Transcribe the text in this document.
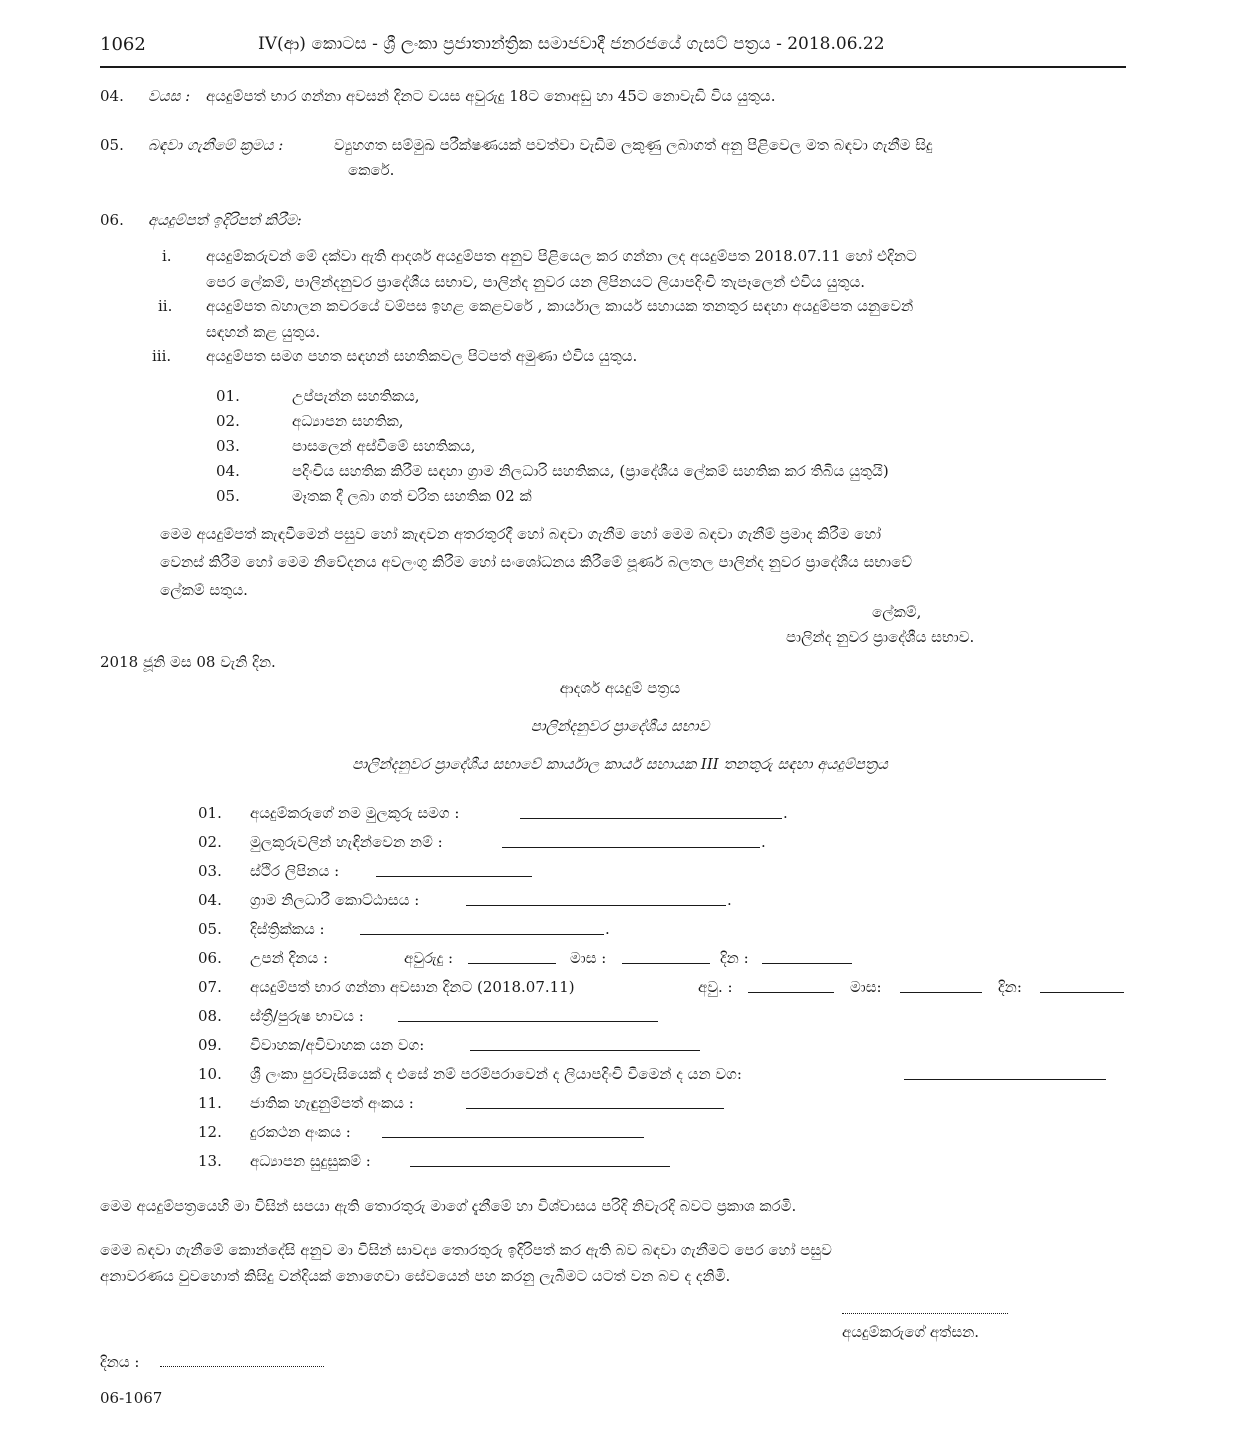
1062	IV(ආ) කොටස - ශ්‍රී ලංකා ප්‍රජාතාන්ත්‍රික සමාජවාදී ජනරජයේ ගැසට් පත්‍රය - 2018.06.22
04. වයස : අයදුම්පත් භාර ගන්නා අවසන් දිනට වයස අවුරුදු 18ට නොඅඩු හා 45ට නොවැඩි විය යුතුය.
05. බඳවා ගැනීමේ ක්‍රමය :	ව්‍යුහගත සම්මුඛ පරීක්ෂණයක් පවත්වා වැඩිම ලකුණු ලබාගත් අනු පිළිවෙල මත බඳවා ගැනීම සිදු
කෙරේ.
06. අයදුම්පත් ඉදිරිපත් කිරීම:
i. අයදුම්කරුවන් මේ දක්වා ඇති ආදර්ශ අයදුම්පත අනුව පිළියෙල කර ගන්නා ලද අයදුම්පත 2018.07.11 හෝ එදිනට
පෙර ලේකම්, පාලින්දනුවර ප්‍රාදේශීය සභාව, පාලින්ද නුවර යන ලිපිනයට ලියාපදිංචි තැපෑලෙන් එවිය යුතුය.
ii. අයදුම්පත බහාලන කවරයේ වම්පස ඉහළ කෙළවරේ , කාර්යාල කාර්ය සහායක තනතුර සඳහා අයදුම්පත යනුවෙන්
සඳහන් කළ යුතුය.
iii. අයදුම්පත සමග පහත සඳහන් සහතිකවල පිටපත් අමුණා එවිය යුතුය.
01.	උප්පැන්න සහතිකය,
02.	අධ්‍යාපන සහතික,
03.	පාසලෙන් අස්වීමේ සහතිකය,
04.	පදිංචිය සහතික කිරීම සඳහා ග්‍රාම නිලධාරි සහතිකය, (ප්‍රාදේශීය ලේකම් සහතික කර තිබිය යුතුයි)
05.	මෑතක දී ලබා ගත් චරිත සහතික 02 ක්
මෙම අයදුම්පත් කැඳවීමෙන් පසුව හෝ කැඳවන අතරතුරදී හෝ බඳවා ගැනීම හෝ මෙම බඳවා ගැනීම් ප්‍රමාද කිරීම හෝ
වෙනස් කිරීම හෝ මෙම නිවේදනය අවලංගු කිරීම හෝ සංශෝධනය කිරීමේ පූර්ණ බලතල පාලින්ද නුවර ප්‍රාදේශීය සභාවේ
ලේකම් සතුය.
ලේකම්,
පාලින්ද නුවර ප්‍රාදේශීය සභාව.
2018 ජූනි මස 08 වැනි දින.
ආදර්ශ අයදුම් පත්‍රය
පාලින්දනුවර ප්‍රාදේශීය සභාව
පාලින්දනුවර ප්‍රාදේශීය සභාවේ කාර්යාල කාර්ය සහායක III තනතුරු සඳහා අයදුම්පත්‍රය
01. අයදුම්කරුගේ නම මුලකුරු සමග :	.
02. මුලකුරුවලින් හැඳින්වෙන නම් :	.
03. ස්ථිර ලිපිනය :
04. ග්‍රාම නිලධාරී කොට්ඨාසය :	.
05. දිස්ත්‍රික්කය :	.
06. උපන් දිනය :	අවුරුදු :	මාස :	දින :
07. අයදුම්පත් භාර ගන්නා අවසාන දිනට (2018.07.11)	අවු. :	මාස:	දින:
08. ස්ත්‍රී/පුරුෂ භාවය :
09. විවාහක/අවිවාහක යන වග:
10. ශ්‍රී ලංකා පුරවැසියෙක් ද එසේ නම් පරම්පරාවෙන් ද ලියාපදිංචි වීමෙන් ද යන වග:
11. ජාතික හැඳුනුම්පත් අංකය :
12. දුරකථන අංකය :
13. අධ්‍යාපන සුදුසුකම් :
මෙම අයදුම්පත්‍රයෙහි මා විසින් සපයා ඇති තොරතුරු මාගේ දැනීමේ හා විශ්වාසය පරිදි නිවැරදි බවට ප්‍රකාශ කරමි.
මෙම බඳවා ගැනීමේ කොන්දේසි අනුව මා විසින් සාවද්‍ය තොරතුරු ඉදිරිපත් කර ඇති බව බඳවා ගැනීමට පෙර හෝ පසුව
අනාවරණය වුවහොත් කිසිදු වන්දියක් නොගෙවා සේවයෙන් පහ කරනු ලැබීමට යටත් වන බව ද දනිමි.
අයදුම්කරුගේ අත්සන.
දිනය :
06-1067
